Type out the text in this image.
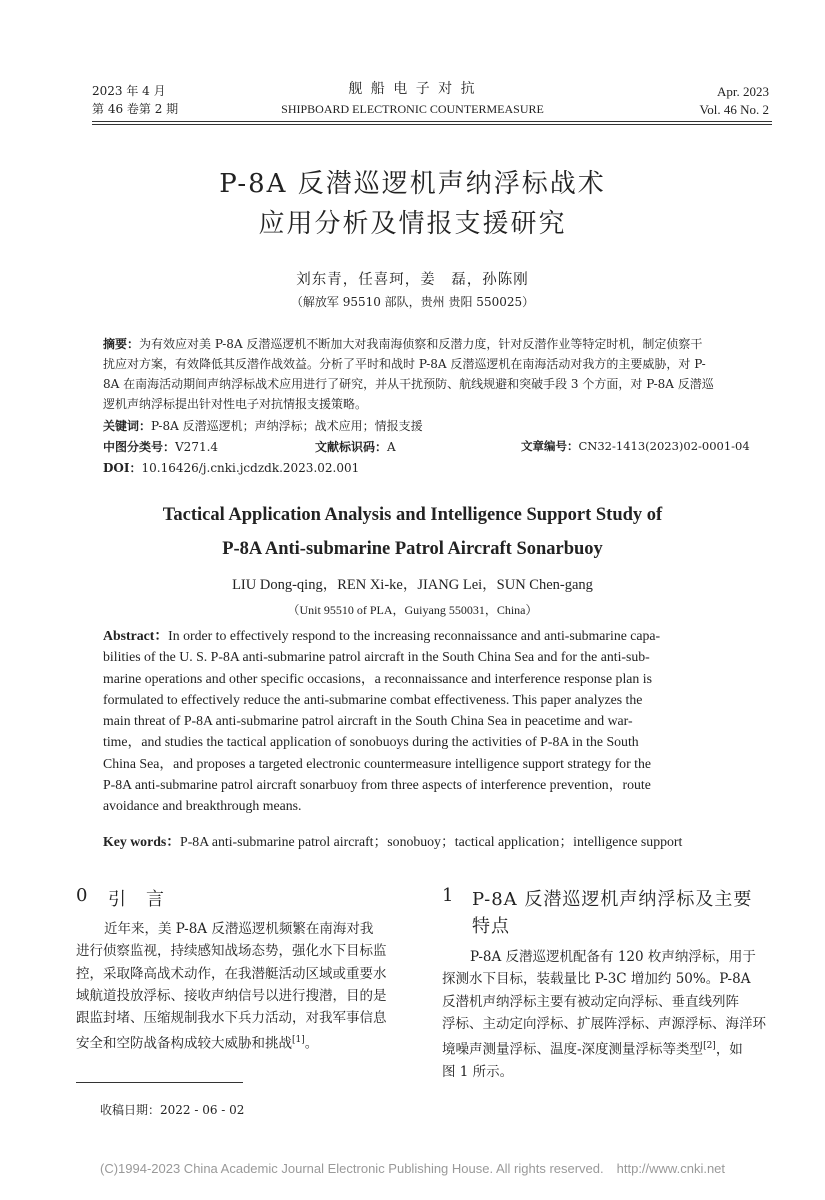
2023 年 4 月
第 46 卷第 2 期
舰 船 电 子 对 抗
SHIPBOARD ELECTRONIC COUNTERMEASURE
Apr. 2023
Vol. 46 No. 2
P-8A 反潜巡逻机声纳浮标战术
应用分析及情报支援研究
刘东青，任喜珂，姜　磊，孙陈刚
（解放军 95510 部队，贵州 贵阳 550025）
摘要：为有效应对美 P-8A 反潜巡逻机不断加大对我南海侦察和反潜力度，针对反潜作业等特定时机，制定侦察干
扰应对方案，有效降低其反潜作战效益。分析了平时和战时 P-8A 反潜巡逻机在南海活动对我方的主要威胁，对 P-
8A 在南海活动期间声纳浮标战术应用进行了研究，并从干扰预防、航线规避和突破手段 3 个方面，对 P-8A 反潜巡
逻机声纳浮标提出针对性电子对抗情报支援策略。
关键词：P-8A 反潜巡逻机；声纳浮标；战术应用；情报支援
中图分类号：V271.4	文献标识码：A	文章编号：CN32-1413(2023)02-0001-04
DOI：10.16426/j.cnki.jcdzdk.2023.02.001
Tactical Application Analysis and Intelligence Support Study of
P-8A Anti-submarine Patrol Aircraft Sonarbuoy
LIU Dong-qing，REN Xi-ke，JIANG Lei，SUN Chen-gang
（Unit 95510 of PLA，Guiyang 550031，China）
Abstract：In order to effectively respond to the increasing reconnaissance and anti-submarine capa-
bilities of the U. S. P-8A anti-submarine patrol aircraft in the South China Sea and for the anti-sub-
marine operations and other specific occasions，a reconnaissance and interference response plan is
formulated to effectively reduce the anti-submarine combat effectiveness. This paper analyzes the
main threat of P-8A anti-submarine patrol aircraft in the South China Sea in peacetime and war-
time，and studies the tactical application of sonobuoys during the activities of P-8A in the South
China Sea，and proposes a targeted electronic countermeasure intelligence support strategy for the
P-8A anti-submarine patrol aircraft sonarbuoy from three aspects of interference prevention，route
avoidance and breakthrough means.
Key words：P-8A anti-submarine patrol aircraft；sonobuoy；tactical application；intelligence support
0 引　言
近年来，美 P-8A 反潜巡逻机频繁在南海对我
进行侦察监视，持续感知战场态势，强化水下目标监
控，采取降高战术动作，在我潜艇活动区域或重要水
域航道投放浮标、接收声纳信号以进行搜潜，目的是
跟监封堵、压缩规制我水下兵力活动，对我军事信息
安全和空防战备构成较大威胁和挑战[1]。
收稿日期：2022 - 06 - 02
1 P-8A 反潜巡逻机声纳浮标及主要
特点
P-8A 反潜巡逻机配备有 120 枚声纳浮标，用于
探测水下目标，装载量比 P-3C 增加约 50%。P-8A
反潜机声纳浮标主要有被动定向浮标、垂直线列阵
浮标、主动定向浮标、扩展阵浮标、声源浮标、海洋环
境噪声测量浮标、温度-深度测量浮标等类型[2]，如
图 1 所示。
(C)1994-2023 China Academic Journal Electronic Publishing House. All rights reserved.　http://www.cnki.net
